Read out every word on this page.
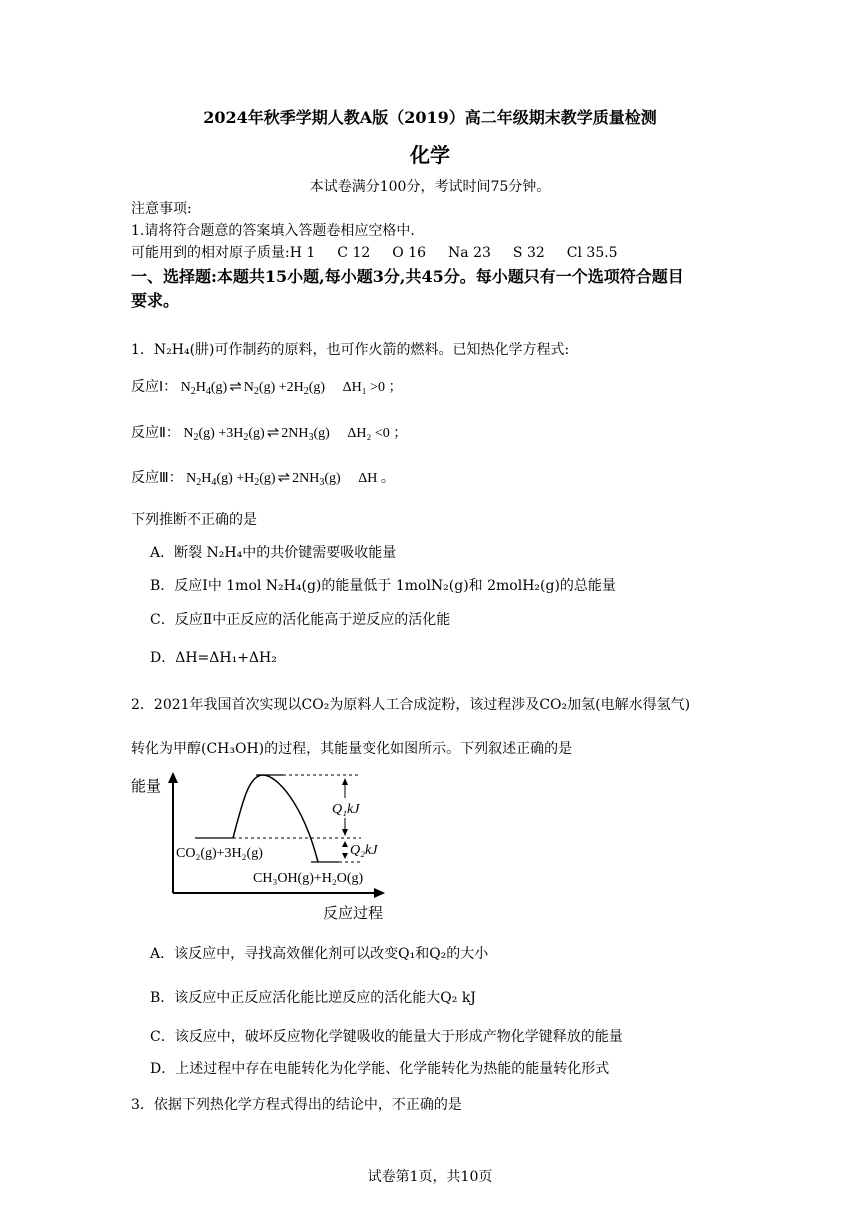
2024年秋季学期人教A版（2019）高二年级期末教学质量检测
化学
本试卷满分100分，考试时间75分钟。
注意事项:
1.请将符合题意的答案填入答题卷相应空格中.
可能用到的相对原子质量:H 1 C 12 O 16 Na 23 S 32 Cl 35.5
一、选择题:本题共15小题,每小题3分,共45分。每小题只有一个选项符合题目
要求。
1．N₂H₄(肼)可作制药的原料，也可作火箭的燃料。已知热化学方程式:
反应Ⅰ： $N_2H_4(g)$ ⇌ $N_2(g) +2H_2(g)$ ΔH₁ >0 ；
反应Ⅱ： $N_2(g) +3H_2(g)$ ⇌ $2NH_3(g)$ ΔH₂ <0 ；
反应Ⅲ： $N_2H_4(g) +H_2(g)$ ⇌ $2NH_3(g)$ ΔH 。
下列推断不正确的是
A．断裂 N₂H₄中的共价键需要吸收能量
B．反应Ⅰ中 1mol N₂H₄(g)的能量低于 1molN₂(g)和 2molH₂(g)的总能量
C．反应Ⅱ中正反应的活化能高于逆反应的活化能
D．ΔH=ΔH₁+ΔH₂
2．2021年我国首次实现以CO₂为原料人工合成淀粉，该过程涉及CO₂加氢(电解水得氢气)
转化为甲醇(CH₃OH)的过程，其能量变化如图所示。下列叙述正确的是
能量
反应过程
Q₁kJ
Q₂kJ
CO₂(g)+3H₂(g)
CH₃OH(g)+H₂O(g)
A．该反应中，寻找高效催化剂可以改变Q₁和Q₂的大小
B．该反应中正反应活化能比逆反应的活化能大Q₂ kJ
C．该反应中，破坏反应物化学键吸收的能量大于形成产物化学键释放的能量
D．上述过程中存在电能转化为化学能、化学能转化为热能的能量转化形式
3．依据下列热化学方程式得出的结论中，不正确的是
试卷第1页，共10页
